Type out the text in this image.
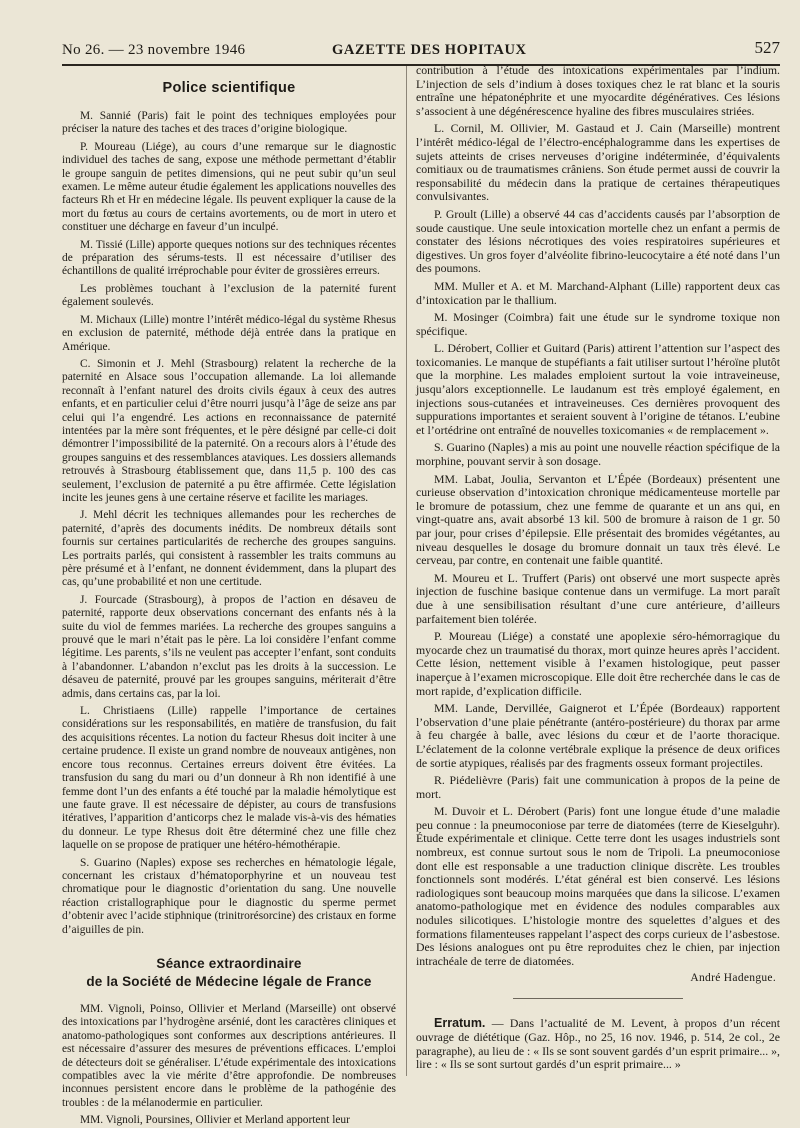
No 26. — 23 novembre 1946	GAZETTE DES HOPITAUX	527
Police scientifique

M. Sannié (Paris) fait le point des techniques employées pour préciser la nature des taches et des traces d’origine biologique.

P. Moureau (Liége), au cours d’une remarque sur le diagnostic individuel des taches de sang, expose une méthode permettant d’établir le groupe sanguin de petites dimensions, qui ne peut subir qu’un seul examen. Le même auteur étudie également les applications nouvelles des facteurs Rh et Hr en médecine légale. Ils peuvent expliquer la cause de la mort du fœtus au cours de certains avortements, ou de mort in utero et constituer une décharge en faveur d’un inculpé.

M. Tissié (Lille) apporte queques notions sur des techniques récentes de préparation des sérums-tests. Il est nécessaire d’utiliser des échantillons de qualité irréprochable pour éviter de grossières erreurs.

Les problèmes touchant à l’exclusion de la paternité furent également soulevés.

M. Michaux (Lille) montre l’intérêt médico-légal du système Rhesus en exclusion de paternité, méthode déjà entrée dans la pratique en Amérique.

C. Simonin et J. Mehl (Strasbourg) relatent la recherche de la paternité en Alsace sous l’occupation allemande. La loi allemande reconnaît à l’enfant naturel des droits civils égaux à ceux des autres enfants, et en particulier celui d’être nourri jusqu’à l’âge de seize ans par celui qui l’a engendré. Les actions en reconnaissance de paternité intentées par la mère sont fréquentes, et le père désigné par celle-ci doit démontrer l’impossibilité de la paternité. On a recours alors à l’étude des groupes sanguins et des ressemblances ataviques. Les dossiers allemands retrouvés à Strasbourg établissement que, dans 11,5 p. 100 des cas seulement, l’exclusion de paternité a pu être affirmée. Cette législation incite les jeunes gens à une certaine réserve et facilite les mariages.

J. Mehl décrit les techniques allemandes pour les recherches de paternité, d’après des documents inédits. De nombreux détails sont fournis sur certaines particularités de recherche des groupes sanguins. Les portraits parlés, qui consistent à rassembler les traits communs au père présumé et à l’enfant, ne donnent évidemment, dans la plupart des cas, qu’une probabilité et non une certitude.

J. Fourcade (Strasbourg), à propos de l’action en désaveu de paternité, rapporte deux observations concernant des enfants nés à la suite du viol de femmes mariées. La recherche des groupes sanguins a prouvé que le mari n’était pas le père. La loi considère l’enfant comme légitime. Les parents, s’ils ne veulent pas accepter l’enfant, sont conduits à l’abandonner. L’abandon n’exclut pas les droits à la succession. Le désaveu de paternité, prouvé par les groupes sanguins, mériterait d’être admis, dans certains cas, par la loi.

L. Christiaens (Lille) rappelle l’importance de certaines considérations sur les responsabilités, en matière de transfusion, du fait des acquisitions récentes. La notion du facteur Rhesus doit inciter à une certaine prudence. Il existe un grand nombre de nouveaux antigènes, non encore tous reconnus. Certaines erreurs doivent être évitées. La transfusion du sang du mari ou d’un donneur à Rh non identifié à une femme dont l’un des enfants a été touché par la maladie hémolytique est une faute grave. Il est nécessaire de dépister, au cours de transfusions itératives, l’apparition d’anticorps chez le malade vis-à-vis des hématies du donneur. Le type Rhesus doit être déterminé chez une fille chez laquelle on se propose de pratiquer une hétéro-hémothérapie.

S. Guarino (Naples) expose ses recherches en hématologie légale, concernant les cristaux d’hématoporphyrine et un nouveau test chromatique pour le diagnostic d’orientation du sang. Une nouvelle réaction cristallographique pour le diagnostic du sperme permet d’obtenir avec l’acide stiphnique (trinitrorésorcine) des cristaux en forme d’aiguilles de pin.

Séance extraordinaire
de la Société de Médecine légale de France

MM. Vignoli, Poinso, Ollivier et Merland (Marseille) ont observé des intoxications par l’hydrogène arsénié, dont les caractères cliniques et anatomo-pathologiques sont conformes aux descriptions antérieures. Il est nécessaire d’assurer des mesures de préventions efficaces. L’emploi de détecteurs doit se généraliser. L’étude expérimentale des intoxications compatibles avec la vie mérite d’être approfondie. De nombreuses inconnues persistent encore dans le problème de la pathogénie des troubles : de la mélanodermie en particulier.

MM. Vignoli, Poursines, Ollivier et Merland apportent leur

contribution à l’étude des intoxications expérimentales par l’indium. L’injection de sels d’indium à doses toxiques chez le rat blanc et la souris entraîne une hépatonéphrite et une myocardite dégénératives. Ces lésions s’associent à une dégénérescence hyaline des fibres musculaires striées.

L. Cornil, M. Ollivier, M. Gastaud et J. Cain (Marseille) montrent l’intérêt médico-légal de l’électro-encéphalogramme dans les expertises de sujets atteints de crises nerveuses d’origine indéterminée, d’équivalents comitiaux ou de traumatismes crâniens. Son étude permet aussi de couvrir la responsabilité du médecin dans la pratique de certaines thérapeutiques convulsivantes.

P. Groult (Lille) a observé 44 cas d’accidents causés par l’absorption de soude caustique. Une seule intoxication mortelle chez un enfant a permis de constater des lésions nécrotiques des voies respiratoires supérieures et digestives. Un gros foyer d’alvéolite fibrino-leucocytaire a été noté dans l’un des poumons.

MM. Muller et A. et M. Marchand-Alphant (Lille) rapportent deux cas d’intoxication par le thallium.

M. Mosinger (Coimbra) fait une étude sur le syndrome toxique non spécifique.

L. Dérobert, Collier et Guitard (Paris) attirent l’attention sur l’aspect des toxicomanies. Le manque de stupéfiants a fait utiliser surtout l’héroïne plutôt que la morphine. Les malades emploient surtout la voie intraveineuse, jusqu’alors exceptionnelle. Le laudanum est très employé également, en injections sous-cutanées et intraveineuses. Ces dernières provoquent des suppurations importantes et seraient souvent à l’origine de tétanos. L’eubine et l’ortédrine ont entraîné de nouvelles toxicomanies « de remplacement ».

S. Guarino (Naples) a mis au point une nouvelle réaction spécifique de la morphine, pouvant servir à son dosage.

MM. Labat, Joulia, Servanton et L’Épée (Bordeaux) présentent une curieuse observation d’intoxication chronique médicamenteuse mortelle par le bromure de potassium, chez une femme de quarante et un ans qui, en vingt-quatre ans, avait absorbé 13 kil. 500 de bromure à raison de 1 gr. 50 par jour, pour crises d’épilepsie. Elle présentait des bromides végétantes, au niveau desquelles le dosage du bromure donnait un taux très élevé. Le cerveau, par contre, en contenait une faible quantité.

M. Moureu et L. Truffert (Paris) ont observé une mort suspecte après injection de fuschine basique contenue dans un vermifuge. La mort paraît due à une sensibilisation résultant d’une cure antérieure, d’ailleurs parfaitement bien tolérée.

P. Moureau (Liége) a constaté une apoplexie séro-hémorragique du myocarde chez un traumatisé du thorax, mort quinze heures après l’accident. Cette lésion, nettement visible à l’examen histologique, peut passer inaperçue à l’examen microscopique. Elle doit être recherchée dans le cas de mort rapide, d’explication difficile.

MM. Lande, Dervillée, Gaignerot et L’Épée (Bordeaux) rapportent l’observation d’une plaie pénétrante (antéro-postérieure) du thorax par arme à feu chargée à balle, avec lésions du cœur et de l’aorte thoracique. L’éclatement de la colonne vertébrale explique la présence de deux orifices de sortie atypiques, réalisés par des fragments osseux formant projectiles.

R. Piédelièvre (Paris) fait une communication à propos de la peine de mort.

M. Duvoir et L. Dérobert (Paris) font une longue étude d’une maladie peu connue : la pneumoconiose par terre de diatomées (terre de Kieselguhr). Étude expérimentale et clinique. Cette terre dont les usages industriels sont nombreux, est connue surtout sous le nom de Tripoli. La pneumoconiose dont elle est responsable a une traduction clinique discrète. Les troubles fonctionnels sont modérés. L’état général est bien conservé. Les lésions radiologiques sont beaucoup moins marquées que dans la silicose. L’examen anatomo-pathologique met en évidence des nodules comparables aux nodules silicotiques. L’histologie montre des squelettes d’algues et des formations filamenteuses rappelant l’aspect des corps curieux de l’asbestose. Des lésions analogues ont pu être reproduites chez le chien, par injection intrachéale de terre de diatomées.

André Hadengue.

Erratum. — Dans l’actualité de M. Levent, à propos d’un récent ouvrage de diététique (Gaz. Hôp., no 25, 16 nov. 1946, p. 514, 2e col., 2e paragraphe), au lieu de : « Ils se sont souvent gardés d’un esprit primaire... », lire : « Ils se sont surtout gardés d’un esprit primaire... »
